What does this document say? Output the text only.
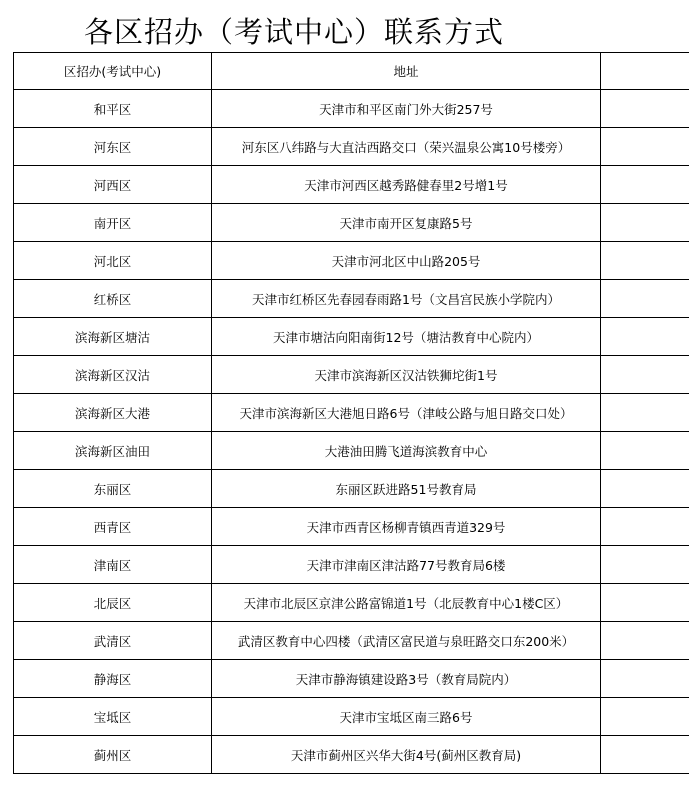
各区招办（考试中心）联系方式
区招办(考试中心)	地址	
和平区	天津市和平区南门外大街257号	
河东区	河东区八纬路与大直沽西路交口（荣兴温泉公寓10号楼旁）	
河西区	天津市河西区越秀路健春里2号增1号	
南开区	天津市南开区复康路5号	
河北区	天津市河北区中山路205号	
红桥区	天津市红桥区先春园春雨路1号（文昌宫民族小学院内）	
滨海新区塘沽	天津市塘沽向阳南街12号（塘沽教育中心院内）	
滨海新区汉沽	天津市滨海新区汉沽铁狮坨街1号	
滨海新区大港	天津市滨海新区大港旭日路6号（津岐公路与旭日路交口处）	
滨海新区油田	大港油田腾飞道海滨教育中心	
东丽区	东丽区跃进路51号教育局	
西青区	天津市西青区杨柳青镇西青道329号	
津南区	天津市津南区津沽路77号教育局6楼	
北辰区	天津市北辰区京津公路富锦道1号（北辰教育中心1楼C区）	
武清区	武清区教育中心四楼（武清区富民道与泉旺路交口东200米）	
静海区	天津市静海镇建设路3号（教育局院内）	
宝坻区	天津市宝坻区南三路6号	
蓟州区	天津市蓟州区兴华大街4号(蓟州区教育局)	
